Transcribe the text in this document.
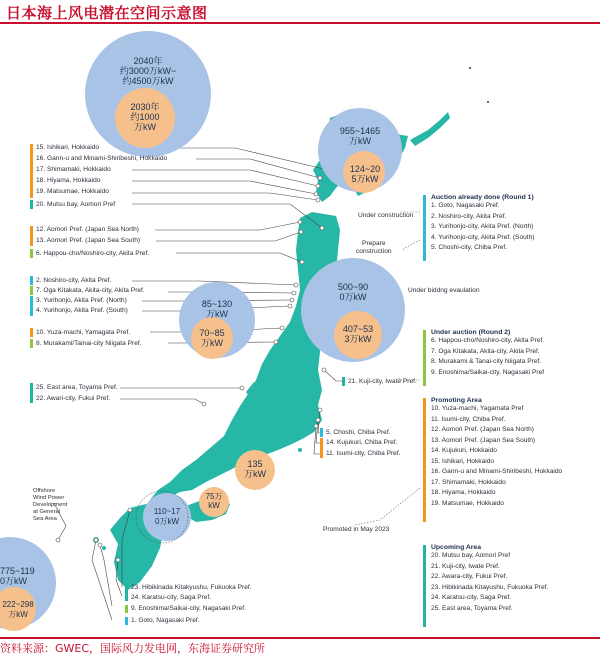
日本海上风电潜在空间示意图
2040年
约3000万kW~
约4500万kW
2030年
约1000
万kW	955~1465
万kW
124~20
5万kW
500~90
0万kW
407~53
3万kW
85~130
万kW
70~85
万kW
135
万kW
75万
kW
110~17
0万kW
775~119
0万kW
222~298
万kW
15. Ishikari, Hokkaido
16. Gann-u and Minami-Shiribeshi, Hokkaido
17. Shimamaki, Hokkaido
18. Hiyama, Hokkaido
19. Matsumae, Hokkaido
20. Mutsu bay, Aomori Pref
12. Aomori Pref. (Japan Sea North)
13. Aomori Pref. (Japan Sea South)
6. Happou-cho/Noshiro-city, Akita Pref.
2. Noshiro-city, Akita Pref.
7. Oga Kitakata, Akita-city, Akita Pref.
3. Yurihonjo, Akita Pref. (North)
4. Yurihonjo, Akita Pref. (South)
10. Yuza-machi, Yamagata Pref.
8. Murakami/Tainai-city Niigata Pref.
25. East area, Toyama Pref.
22. Awari-city, Fukui Pref.
23. Hibikinada Kitakyushu, Fukuoka Pref.
24. Karatsu-city, Saga Pref.
9. Enoshima/Saikai-city, Nagasaki Pref.
1. Goto, Nagasaki Pref.
21. Kuji-city, Iwate Pref.
5. Choshi, Chiba Pref.
14. Kujukuri, Chiba Pref.
11. Isumi-city, Chiba Pref.
Under construction
Prepare
construction
Under biddng evaulation
Promoted in May 2023
Offshore
Wind Power
Development
at General
Sea Area
Auction already done (Round 1)
1. Goto, Nagasaki Pref.
2. Noshiro-city, Akita Pref.
3. Yurihonjo-city, Akita Pref. (North)
4. Yurihonjo-city, Akita Pref. (South)
5. Choshi-city, Chiba Pref.
Under auction (Round 2)
6. Happou-cho/Noshiro-city, Akita Pref.
7. Oga Kitakata, Akita-city, Akita Pref.
8. Murakami & Tanai-city Niigata Pref.
9. Enoshima/Saikai-city, Nagasaki Pref
Promoting Area
10. Yuza-machi, Yagamata Pref
11. Isumi-city, Chiba Pref.
12. Aomori Pref. (Japan Sea North)
13. Aomori Pref. (Japan Sea South)
14. Kujukuri, Hokkaido
15. Ishikari, Hokkaido
16. Gann-u and Minami-Shiribeshi, Hokkaido
17. Shimamaki, Hokkaido
18. Hiyama, Hokkaido
19. Matsumae, Hokkaido
Upcoming Area
20. Mutsu bay, Aomori Pref
21. Kuji-city, Iwate Pref.
22. Awara-city, Fukui Pref.
23. Hibikinada Kitayushu, Fukuoka Pref.
24. Karatsu-city, Saga Pref.
25. East area, Toyama Pref.
资料来源：GWEC，国际风力发电网，东海证券研究所
